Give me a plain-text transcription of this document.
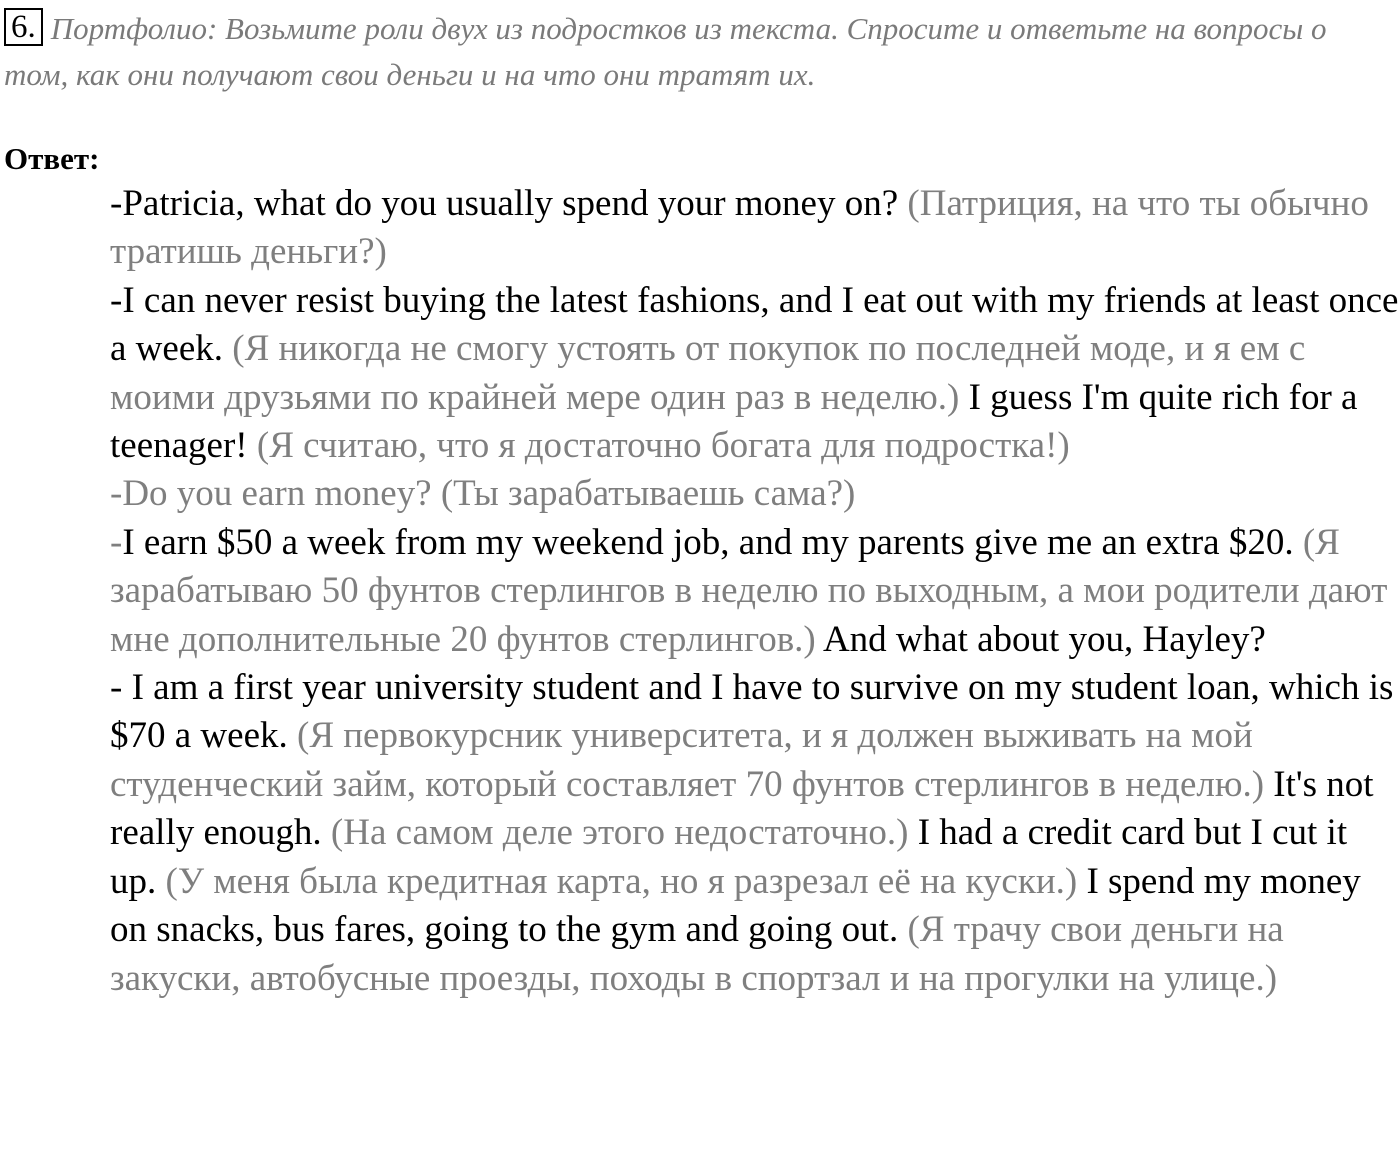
6. Портфолио: Возьмите роли двух из подростков из текста. Спросите и ответьте на вопросы о том, как они получают свои деньги и на что они тратят их.
Ответ:

-Patricia, what do you usually spend your money on? (Патриция, на что ты обычно тратишь деньги?)

-I can never resist buying the latest fashions, and I eat out with my friends at least once a week. (Я никогда не смогу устоять от покупок по последней моде, и я ем с моими друзьями по крайней мере один раз в неделю.) I guess I'm quite rich for a teenager! (Я считаю, что я достаточно богата для подростка!)

-Do you earn money? (Ты зарабатываешь сама?)

-I earn $50 a week from my weekend job, and my parents give me an extra $20. (Я зарабатываю 50 фунтов стерлингов в неделю по выходным, а мои родители дают мне дополнительные 20 фунтов стерлингов.) And what about you, Hayley?

- I am a first year university student and I have to survive on my student loan, which is $70 a week. (Я первокурсник университета, и я должен выживать на мой студенческий займ, который составляет 70 фунтов стерлингов в неделю.) It's not really enough. (На самом деле этого недостаточно.) I had a credit card but I cut it up. (У меня была кредитная карта, но я разрезал её на куски.) I spend my money on snacks, bus fares, going to the gym and going out. (Я трачу свои деньги на закуски, автобусные проезды, походы в спортзал и на прогулки на улице.)
